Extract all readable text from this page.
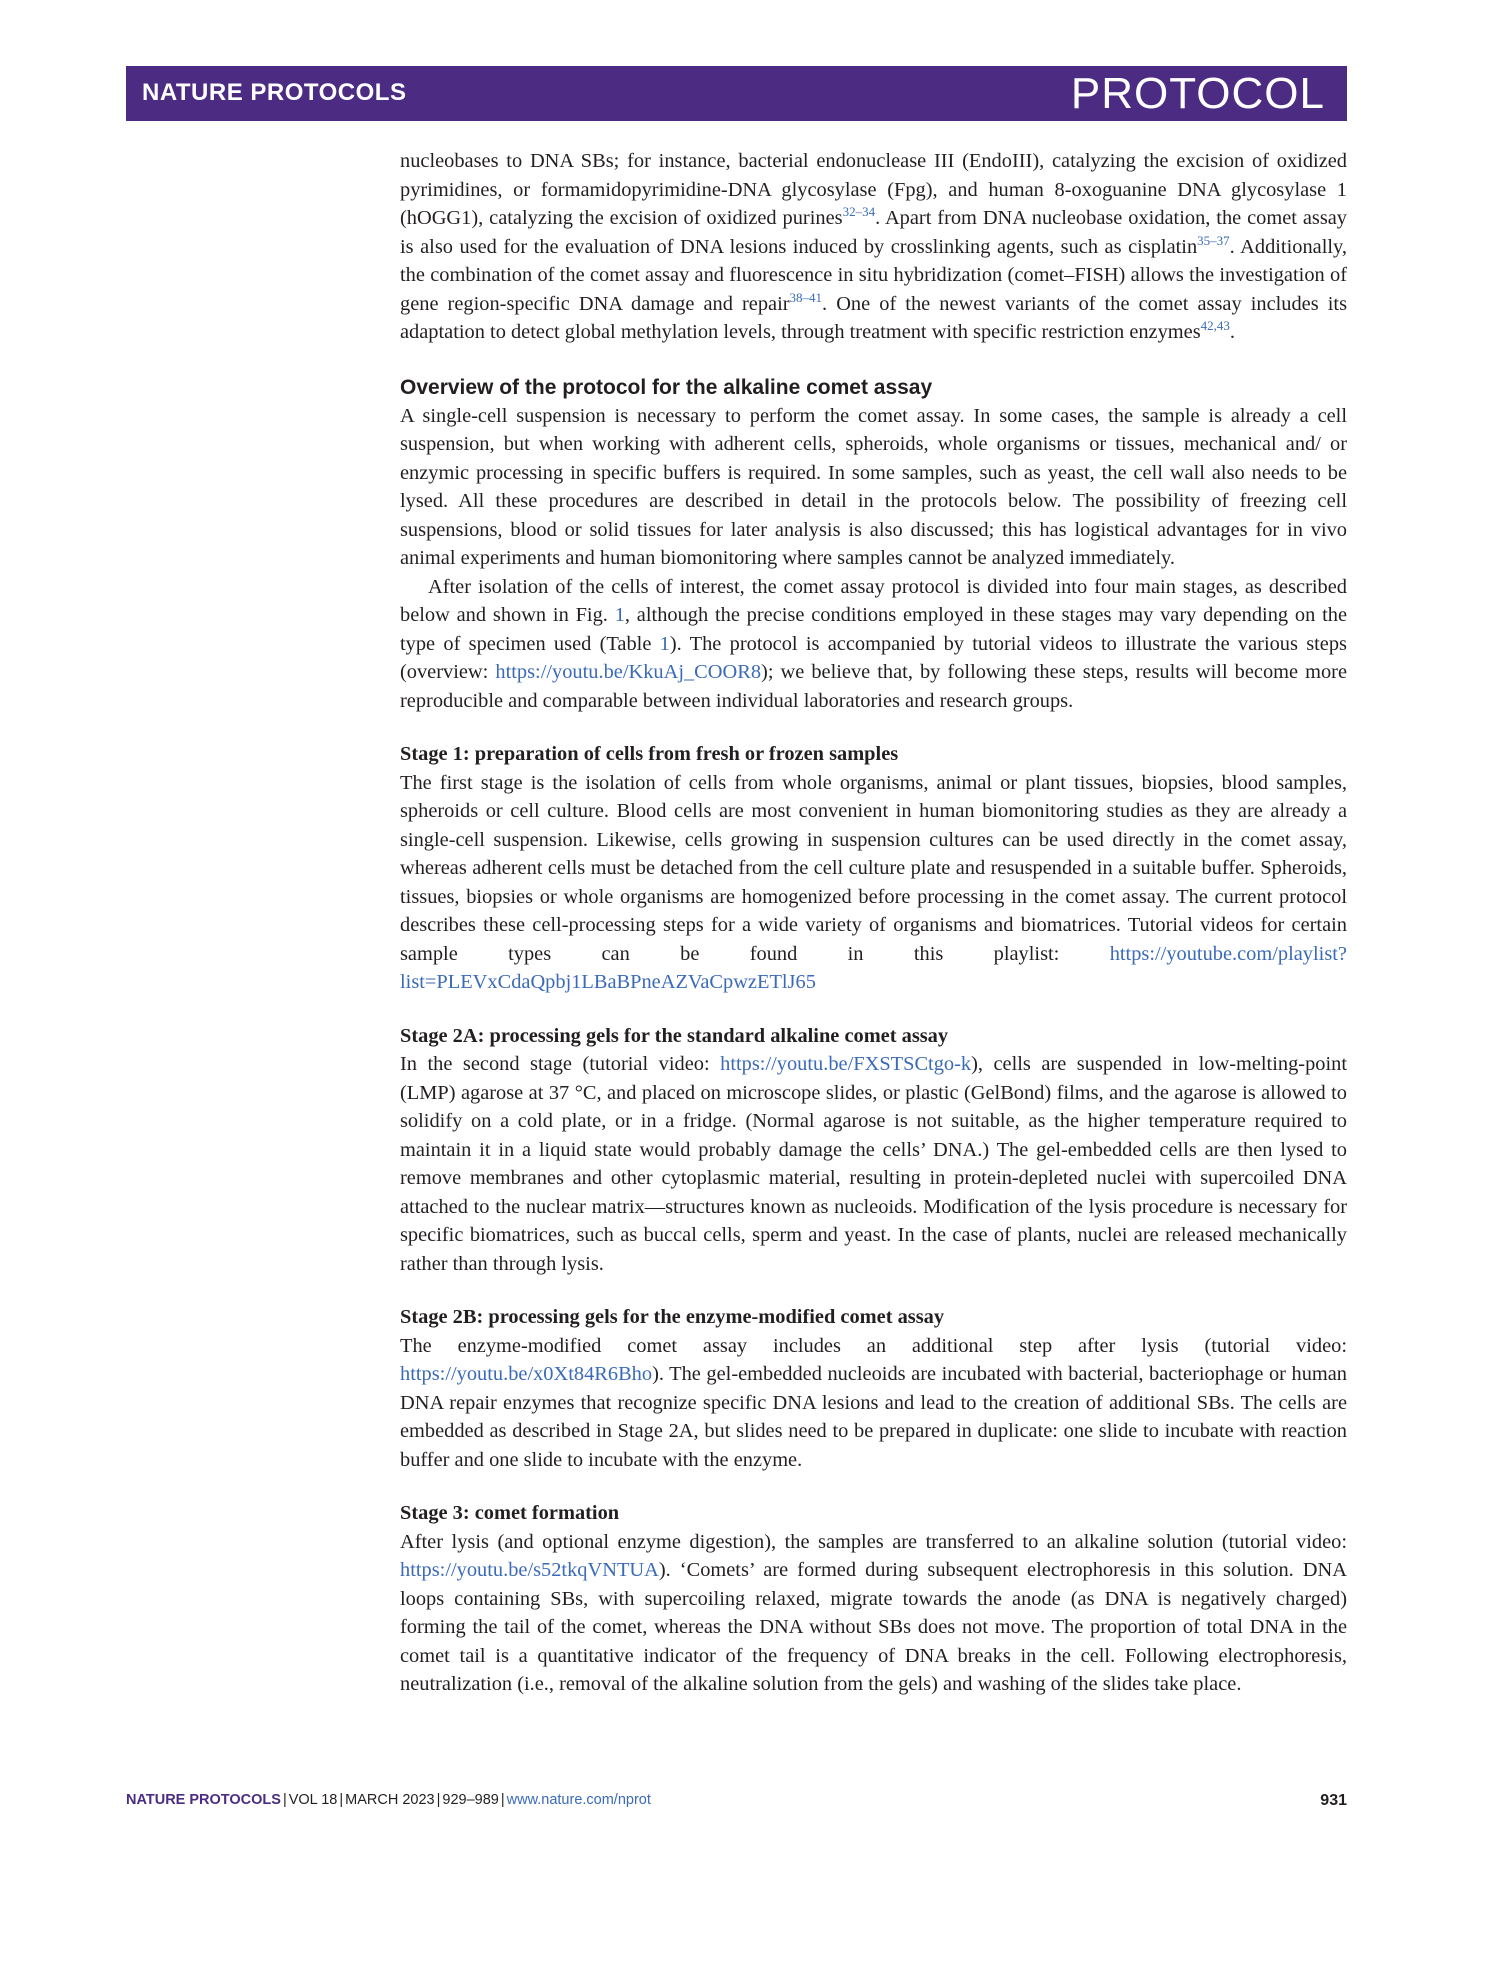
NATURE PROTOCOLS	PROTOCOL

nucleobases to DNA SBs; for instance, bacterial endonuclease III (EndoIII), catalyzing the excision of oxidized pyrimidines, or formamidopyrimidine-DNA glycosylase (Fpg), and human 8-oxoguanine DNA glycosylase 1 (hOGG1), catalyzing the excision of oxidized purines$^{32-34}$. Apart from DNA nucleobase oxidation, the comet assay is also used for the evaluation of DNA lesions induced by crosslinking agents, such as cisplatin$^{35-37}$. Additionally, the combination of the comet assay and fluorescence in situ hybridization (comet–FISH) allows the investigation of gene region-specific DNA damage and repair$^{38-41}$. One of the newest variants of the comet assay includes its adaptation to detect global methylation levels, through treatment with specific restriction enzymes$^{42,43}$.

Overview of the protocol for the alkaline comet assay

A single-cell suspension is necessary to perform the comet assay. In some cases, the sample is already a cell suspension, but when working with adherent cells, spheroids, whole organisms or tissues, mechanical and/ or enzymic processing in specific buffers is required. In some samples, such as yeast, the cell wall also needs to be lysed. All these procedures are described in detail in the protocols below. The possibility of freezing cell suspensions, blood or solid tissues for later analysis is also discussed; this has logistical advantages for in vivo animal experiments and human biomonitoring where samples cannot be analyzed immediately.

After isolation of the cells of interest, the comet assay protocol is divided into four main stages, as described below and shown in Fig. 1, although the precise conditions employed in these stages may vary depending on the type of specimen used (Table 1). The protocol is accompanied by tutorial videos to illustrate the various steps (overview: https://youtu.be/KkuAj_COOR8); we believe that, by following these steps, results will become more reproducible and comparable between individual laboratories and research groups.

Stage 1: preparation of cells from fresh or frozen samples

The first stage is the isolation of cells from whole organisms, animal or plant tissues, biopsies, blood samples, spheroids or cell culture. Blood cells are most convenient in human biomonitoring studies as they are already a single-cell suspension. Likewise, cells growing in suspension cultures can be used directly in the comet assay, whereas adherent cells must be detached from the cell culture plate and resuspended in a suitable buffer. Spheroids, tissues, biopsies or whole organisms are homogenized before processing in the comet assay. The current protocol describes these cell-processing steps for a wide variety of organisms and biomatrices. Tutorial videos for certain sample types can be found in this playlist: https://youtube.com/playlist?list=PLEVxCdaQpbj1LBaBPneAZVaCpwzETlJ65

Stage 2A: processing gels for the standard alkaline comet assay

In the second stage (tutorial video: https://youtu.be/FXSTSCtgo-k), cells are suspended in low-melting-point (LMP) agarose at 37 °C, and placed on microscope slides, or plastic (GelBond) films, and the agarose is allowed to solidify on a cold plate, or in a fridge. (Normal agarose is not suitable, as the higher temperature required to maintain it in a liquid state would probably damage the cells’ DNA.) The gel-embedded cells are then lysed to remove membranes and other cytoplasmic material, resulting in protein-depleted nuclei with supercoiled DNA attached to the nuclear matrix—structures known as nucleoids. Modification of the lysis procedure is necessary for specific biomatrices, such as buccal cells, sperm and yeast. In the case of plants, nuclei are released mechanically rather than through lysis.

Stage 2B: processing gels for the enzyme-modified comet assay

The enzyme-modified comet assay includes an additional step after lysis (tutorial video: https://youtu.be/x0Xt84R6Bho). The gel-embedded nucleoids are incubated with bacterial, bacteriophage or human DNA repair enzymes that recognize specific DNA lesions and lead to the creation of additional SBs. The cells are embedded as described in Stage 2A, but slides need to be prepared in duplicate: one slide to incubate with reaction buffer and one slide to incubate with the enzyme.

Stage 3: comet formation

After lysis (and optional enzyme digestion), the samples are transferred to an alkaline solution (tutorial video: https://youtu.be/s52tkqVNTUA). ‘Comets’ are formed during subsequent electrophoresis in this solution. DNA loops containing SBs, with supercoiling relaxed, migrate towards the anode (as DNA is negatively charged) forming the tail of the comet, whereas the DNA without SBs does not move. The proportion of total DNA in the comet tail is a quantitative indicator of the frequency of DNA breaks in the cell. Following electrophoresis, neutralization (i.e., removal of the alkaline solution from the gels) and washing of the slides take place.

NATURE PROTOCOLS | VOL 18 | MARCH 2023 | 929–989 | www.nature.com/nprot	931
